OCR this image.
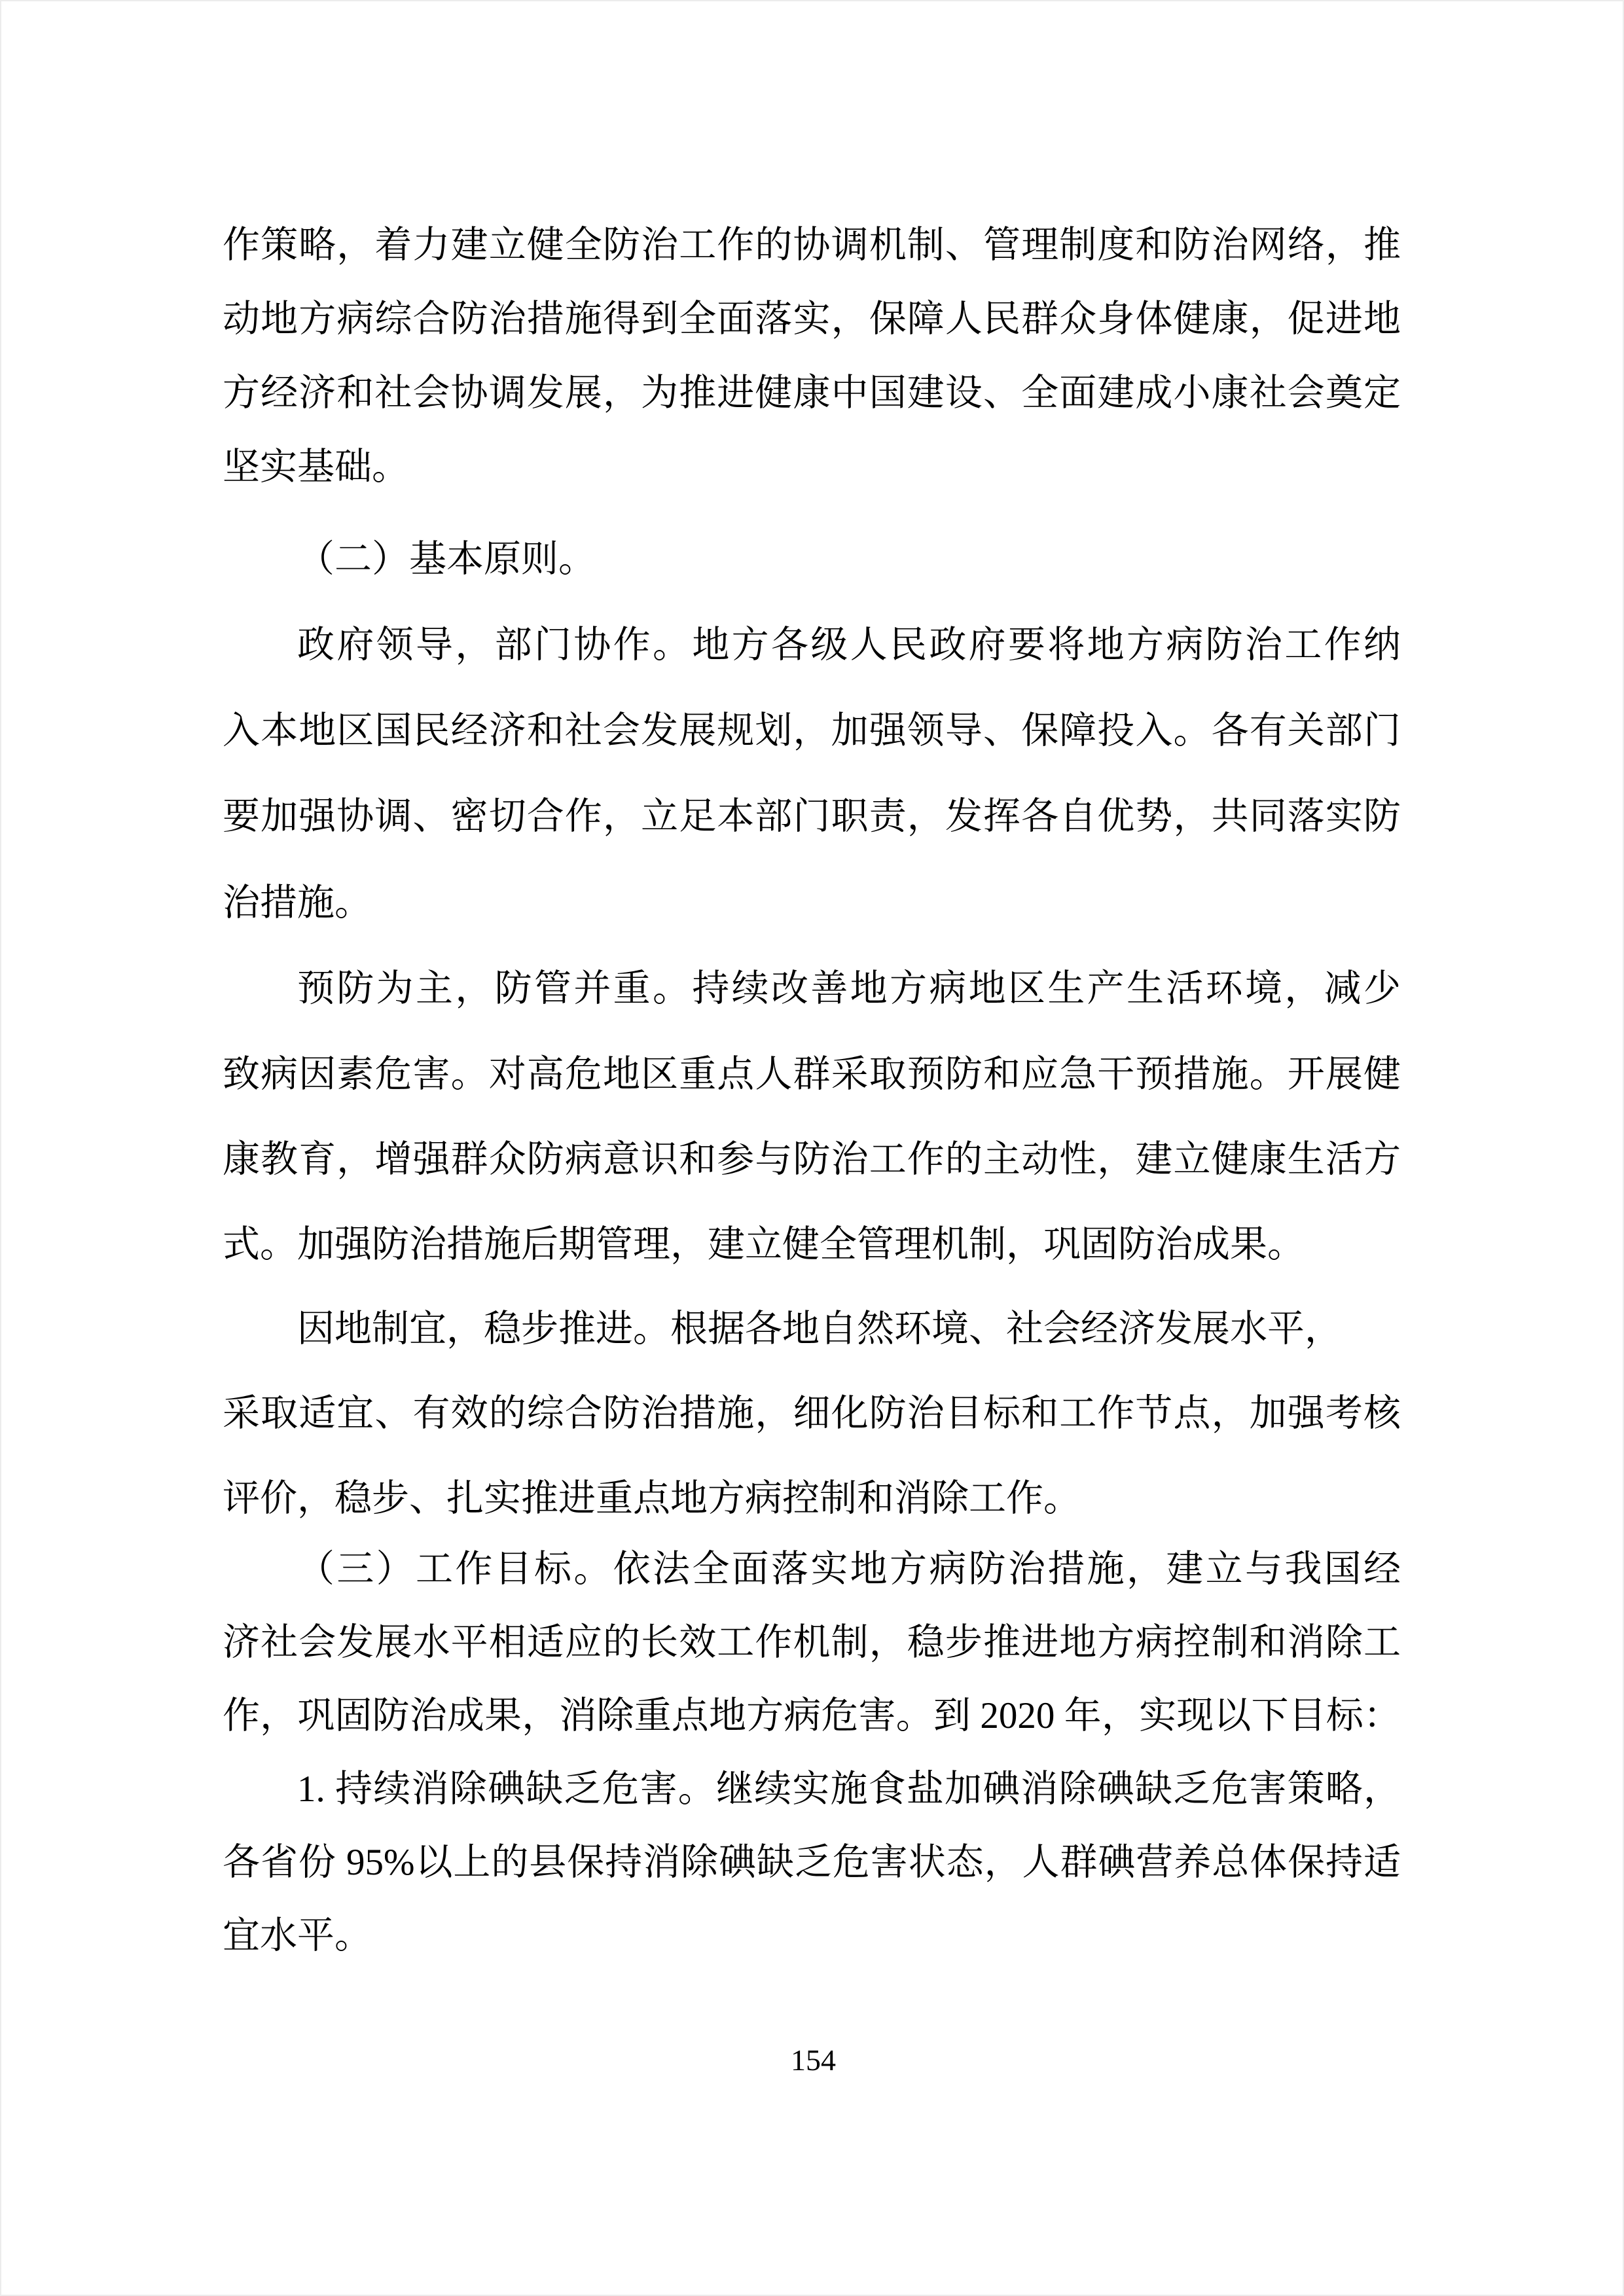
作策略，着力建立健全防治工作的协调机制、管理制度和防治网络，推
动地方病综合防治措施得到全面落实，保障人民群众身体健康，促进地
方经济和社会协调发展，为推进健康中国建设、全面建成小康社会奠定
坚实基础。
（二）基本原则。
政府领导，部门协作。地方各级人民政府要将地方病防治工作纳
入本地区国民经济和社会发展规划，加强领导、保障投入。各有关部门
要加强协调、密切合作，立足本部门职责，发挥各自优势，共同落实防
治措施。
预防为主，防管并重。持续改善地方病地区生产生活环境，减少
致病因素危害。对高危地区重点人群采取预防和应急干预措施。开展健
康教育，增强群众防病意识和参与防治工作的主动性，建立健康生活方
式。加强防治措施后期管理，建立健全管理机制，巩固防治成果。
因地制宜，稳步推进。根据各地自然环境、社会经济发展水平，
采取适宜、有效的综合防治措施，细化防治目标和工作节点，加强考核
评价，稳步、扎实推进重点地方病控制和消除工作。
（三）工作目标。依法全面落实地方病防治措施，建立与我国经
济社会发展水平相适应的长效工作机制，稳步推进地方病控制和消除工
作，巩固防治成果，消除重点地方病危害。到 2020 年，实现以下目标：
1. 持续消除碘缺乏危害。继续实施食盐加碘消除碘缺乏危害策略，
各省份 95%以上的县保持消除碘缺乏危害状态，人群碘营养总体保持适
宜水平。
154
